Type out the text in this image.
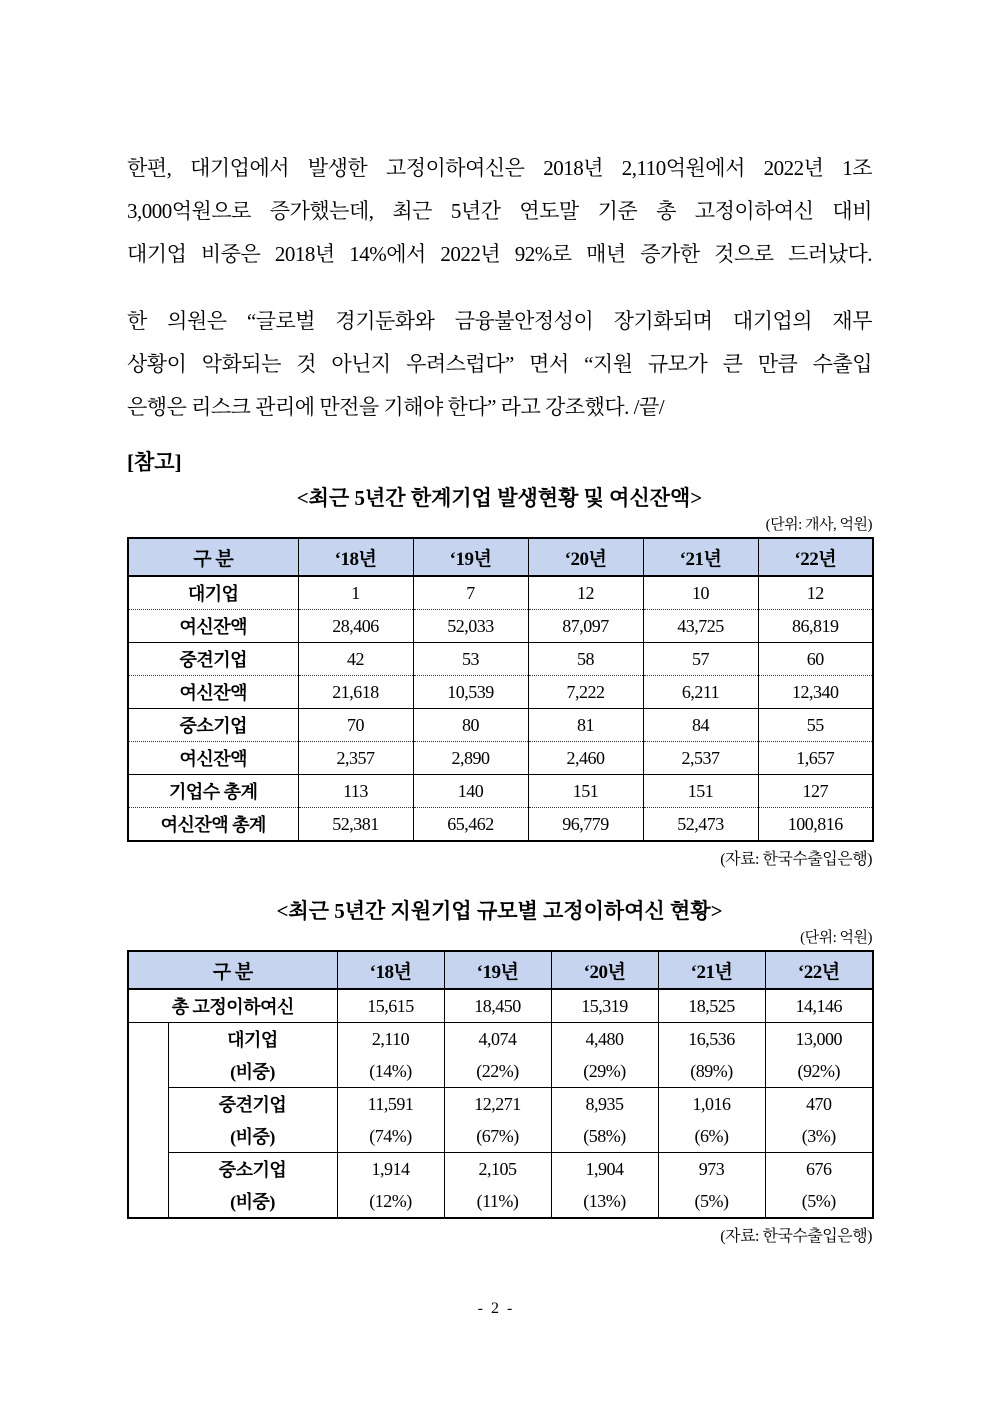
한편, 대기업에서 발생한 고정이하여신은 2018년 2,110억원에서 2022년 1조
3,000억원으로 증가했는데, 최근 5년간 연도말 기준 총 고정이하여신 대비
대기업 비중은 2018년 14%에서 2022년 92%로 매년 증가한 것으로 드러났다.
한 의원은 “글로벌 경기둔화와 금융불안정성이 장기화되며 대기업의 재무
상황이 악화되는 것 아닌지 우려스럽다” 면서 “지원 규모가 큰 만큼 수출입
은행은 리스크 관리에 만전을 기해야 한다” 라고 강조했다. /끝/
[참고]
<최근 5년간 한계기업 발생현황 및 여신잔액>
(단위: 개사, 억원)
구 분	‘18년	‘19년	‘20년	‘21년	‘22년
대기업	1	7	12	10	12
여신잔액	28,406	52,033	87,097	43,725	86,819
중견기업	42	53	58	57	60
여신잔액	21,618	10,539	7,222	6,211	12,340
중소기업	70	80	81	84	55
여신잔액	2,357	2,890	2,460	2,537	1,657
기업수 총계	113	140	151	151	127
여신잔액 총계	52,381	65,462	96,779	52,473	100,816
(자료: 한국수출입은행)
<최근 5년간 지원기업 규모별 고정이하여신 현황>
(단위: 억원)
구 분		‘18년	‘19년	‘20년	‘21년	‘22년
총 고정이하여신		15,615	18,450	15,319	18,525	14,146
	대기업	2,110	4,074	4,480	16,536	13,000
	(비중)	(14%)	(22%)	(29%)	(89%)	(92%)
	중견기업	11,591	12,271	8,935	1,016	470
	(비중)	(74%)	(67%)	(58%)	(6%)	(3%)
	중소기업	1,914	2,105	1,904	973	676
	(비중)	(12%)	(11%)	(13%)	(5%)	(5%)
(자료: 한국수출입은행)
- 2 -
